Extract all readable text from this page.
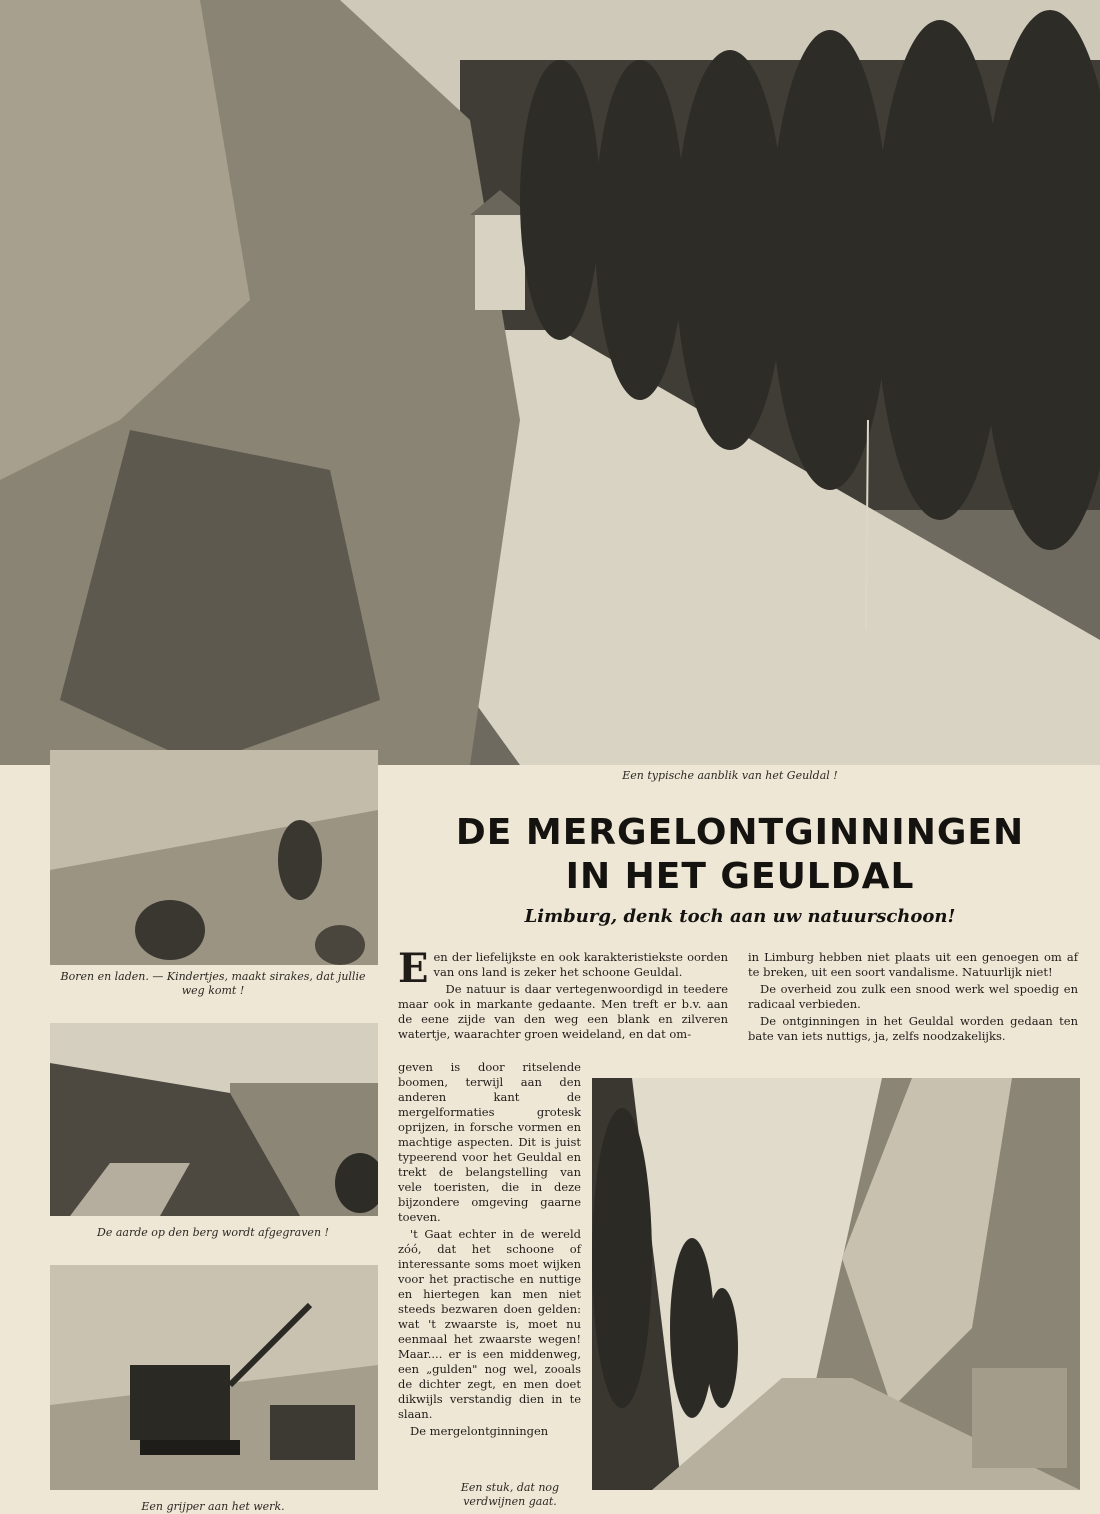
Een typische aanblik van het Geuldal !
Boren en laden. — Kindertjes, maakt sirakes, dat jullie weg komt !
De aarde op den berg wordt afgegraven !
Een grijper aan het werk.
DE MERGELONTGINNINGEN
IN HET GEULDAL
Limburg, denk toch aan uw natuurschoon!

Een der liefelijkste en ook karakteristiekste oorden van ons land is zeker het schoone Geuldal.

De natuur is daar vertegenwoordigd in teedere maar ook in markante gedaante. Men treft er b.v. aan de eene zijde van den weg een blank en zilveren watertje, waarachter groen weideland, en dat om-

geven is door ritselende boomen, terwijl aan den anderen kant de mergelformaties grotesk oprijzen, in forsche vormen en machtige aspecten. Dit is juist typeerend voor het Geuldal en trekt de belangstelling van vele toeristen, die in deze bijzondere omgeving gaarne toeven.

't Gaat echter in de wereld zóó, dat het schoone of interessante soms moet wijken voor het practische en nuttige en hiertegen kan men niet steeds bezwaren doen gelden: wat 't zwaarste is, moet nu eenmaal het zwaarste wegen! Maar.... er is een middenweg, een „gulden" nog wel, zooals de dichter zegt, en men doet dikwijls verstandig dien in te slaan.

De mergelontginningen

in Limburg hebben niet plaats uit een genoegen om af te breken, uit een soort vandalisme. Natuurlijk niet!

De overheid zou zulk een snood werk wel spoedig en radicaal verbieden.

De ontginningen in het Geuldal worden gedaan ten bate van iets nuttigs, ja, zelfs noodzakelijks.

Een stuk, dat nog verdwijnen gaat.
